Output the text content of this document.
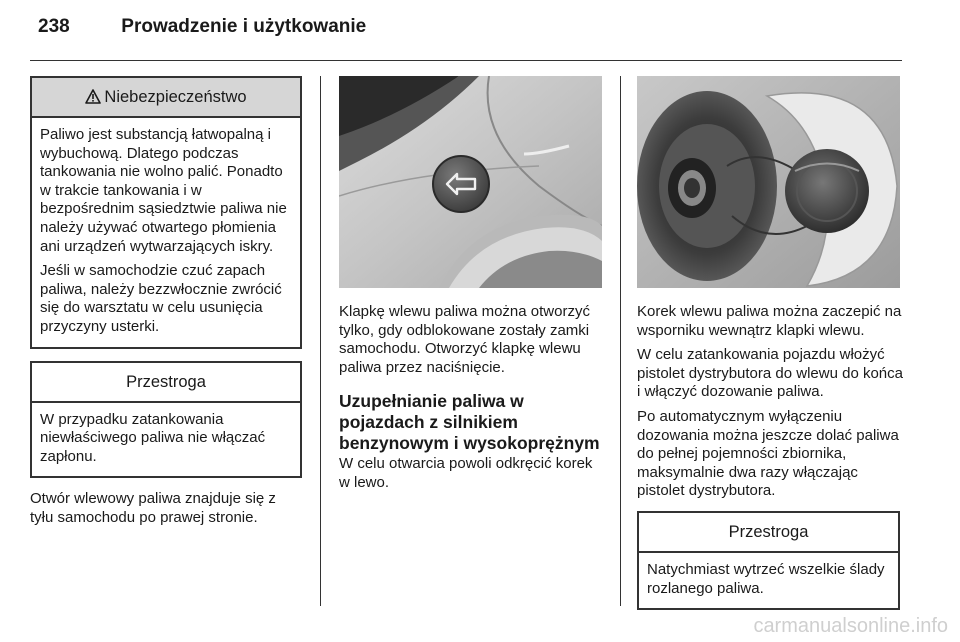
238	Prowadzenie i użytkowanie
Niebezpieczeństwo

Paliwo jest substancją łatwopalną i wybuchową. Dlatego podczas tankowania nie wolno palić. Ponadto w trakcie tankowania i w bezpośrednim sąsiedztwie paliwa nie należy używać otwartego płomienia ani urządzeń wytwarzających iskry.

Jeśli w samochodzie czuć zapach paliwa, należy bezzwłocznie zwrócić się do warsztatu w celu usunięcia przyczyny usterki.

Przestroga

W przypadku zatankowania niewłaściwego paliwa nie włączać zapłonu.

Otwór wlewowy paliwa znajduje się z tyłu samochodu po prawej stronie.

Klapkę wlewu paliwa można otworzyć tylko, gdy odblokowane zostały zamki samochodu. Otworzyć klapkę wlewu paliwa przez naciśnięcie.

Uzupełnianie paliwa w pojazdach z silnikiem benzynowym i wysokoprężnym

W celu otwarcia powoli odkręcić korek w lewo.

Korek wlewu paliwa można zaczepić na wsporniku wewnątrz klapki wlewu.

W celu zatankowania pojazdu włożyć pistolet dystrybutora do wlewu do końca i włączyć dozowanie paliwa.

Po automatycznym wyłączeniu dozowania można jeszcze dolać paliwa do pełnej pojemności zbiornika, maksymalnie dwa razy włączając pistolet dystrybutora.

Przestroga

Natychmiast wytrzeć wszelkie ślady rozlanego paliwa.

carmanualsonline.info
